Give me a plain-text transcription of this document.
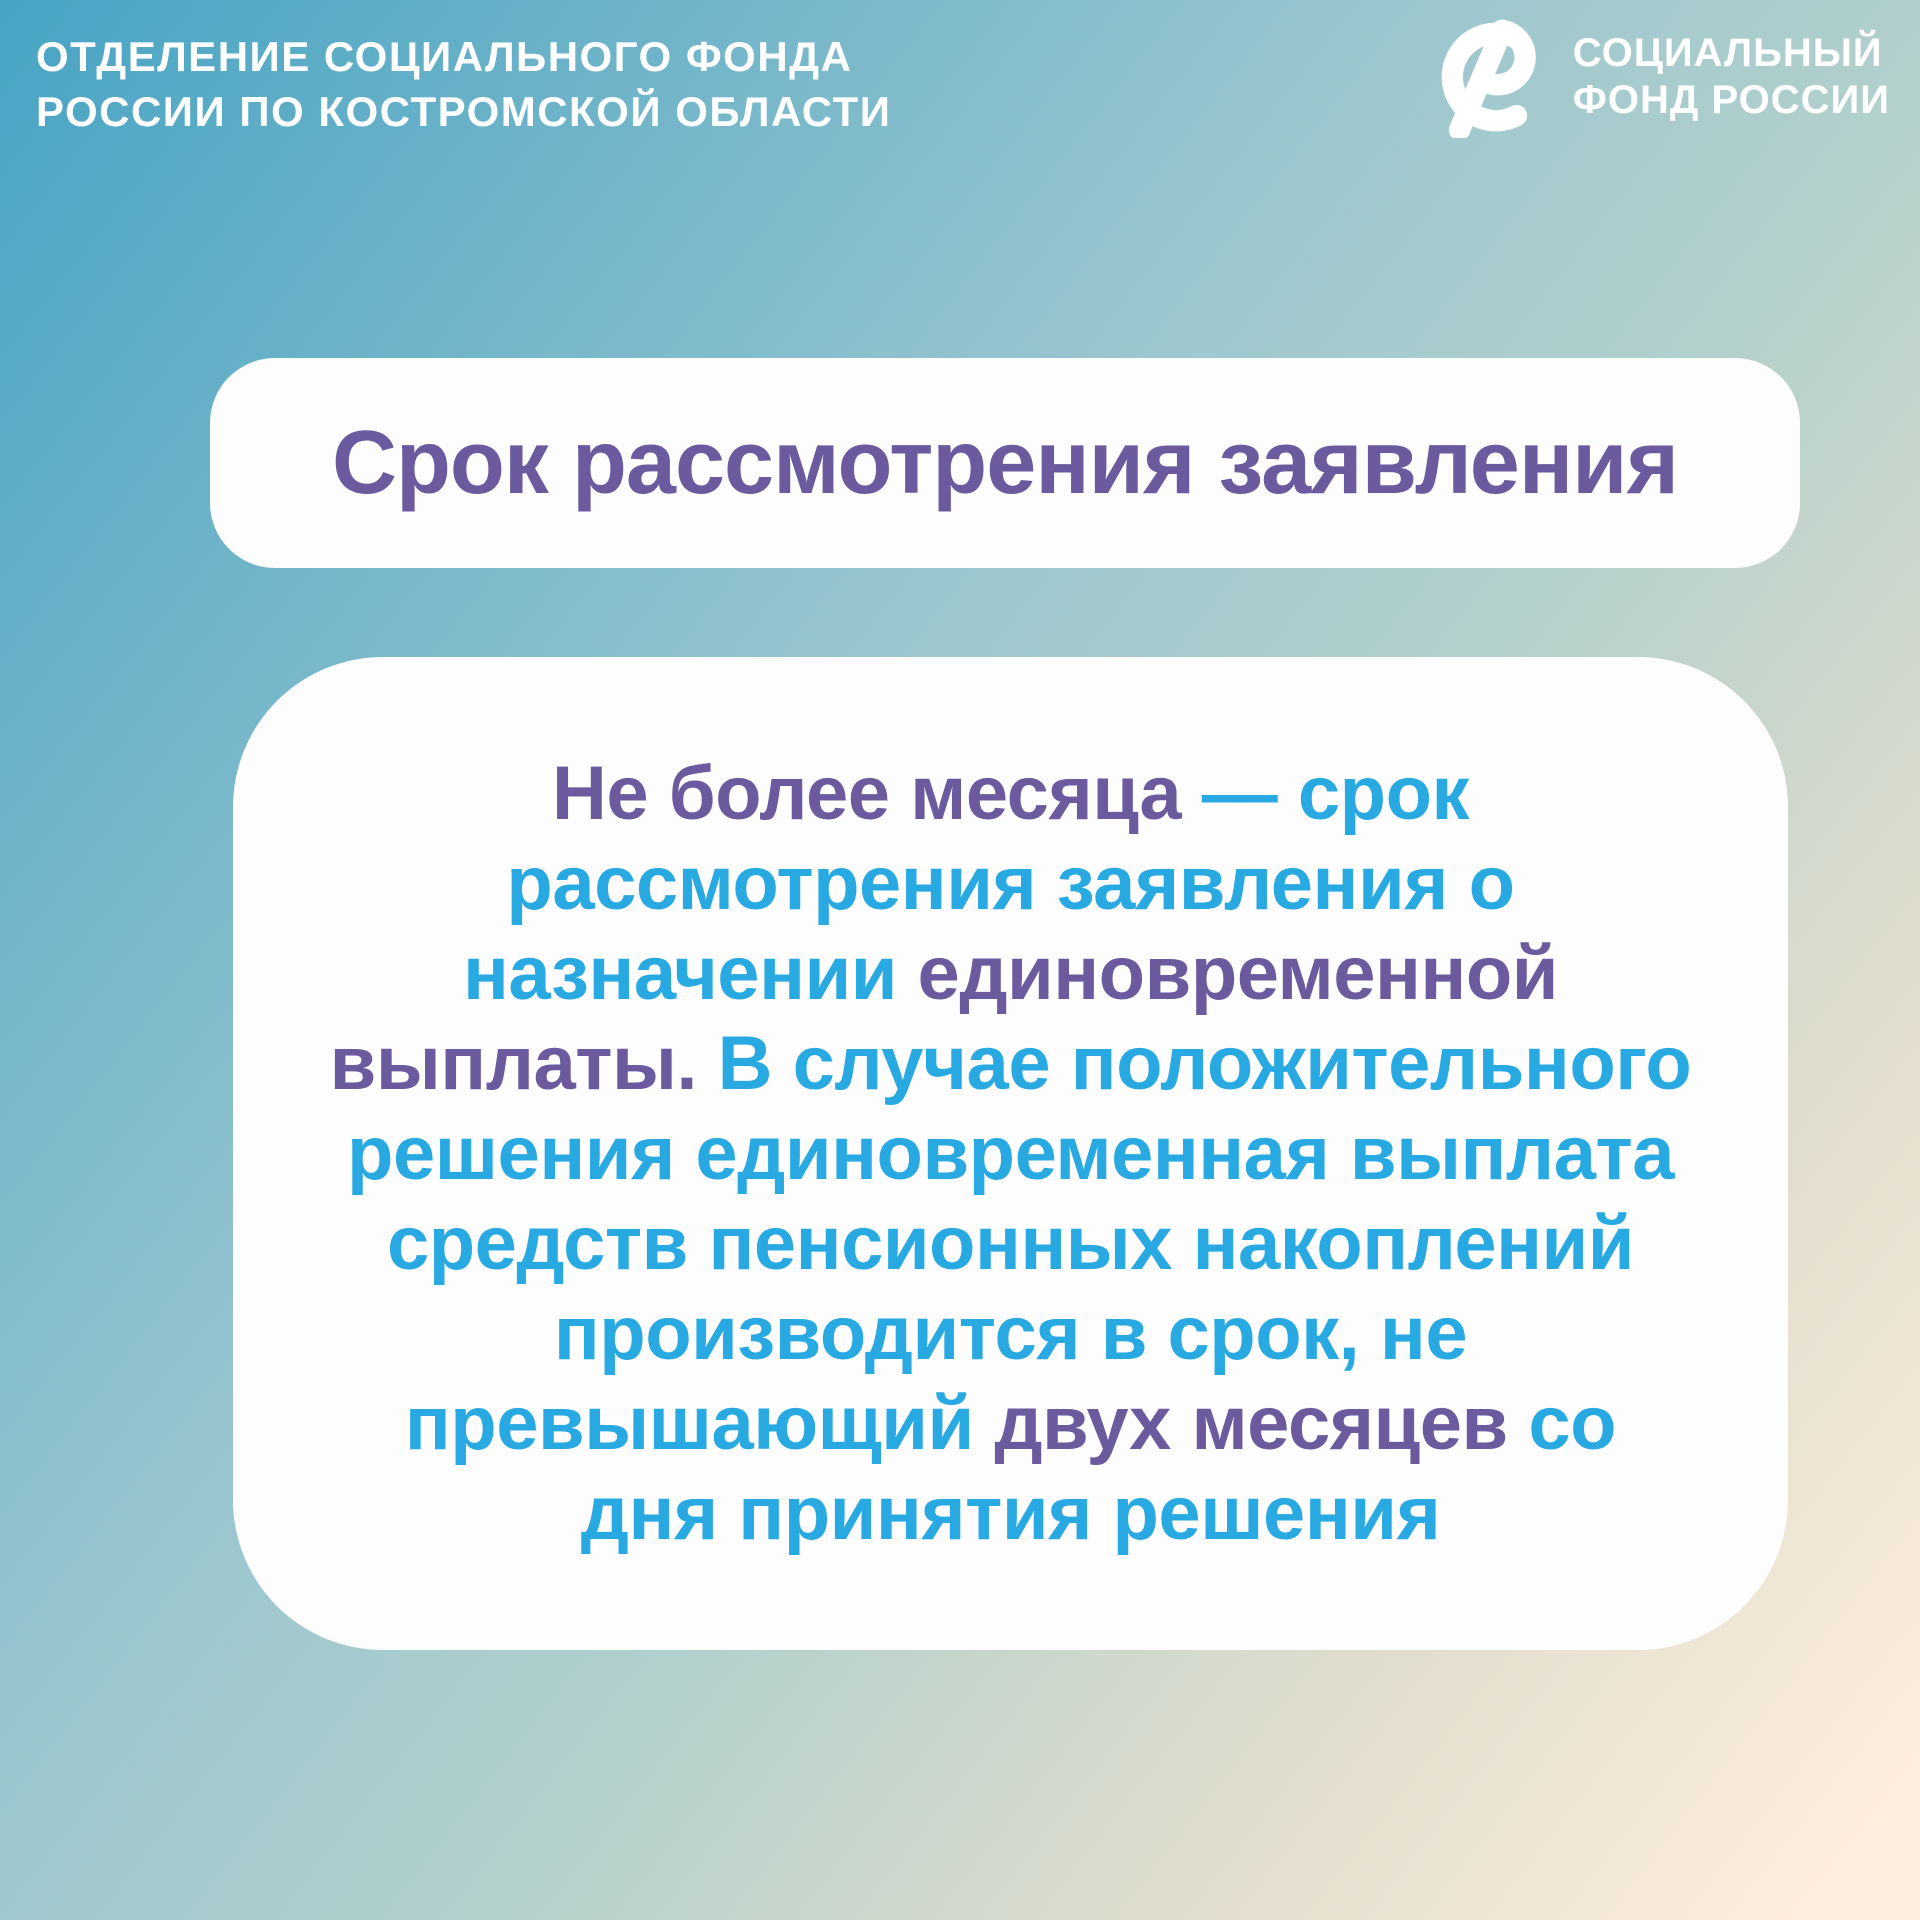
ОТДЕЛЕНИЕ СОЦИАЛЬНОГО ФОНДА
РОССИИ ПО КОСТРОМСКОЙ ОБЛАСТИ
СОЦИАЛЬНЫЙ
ФОНД РОССИИ
Срок рассмотрения заявления
Не более месяца — срок
рассмотрения заявления о
назначении единовременной
выплаты. В случае положительного
решения единовременная выплата
средств пенсионных накоплений
производится в срок, не
превышающий двух месяцев со
дня принятия решения
